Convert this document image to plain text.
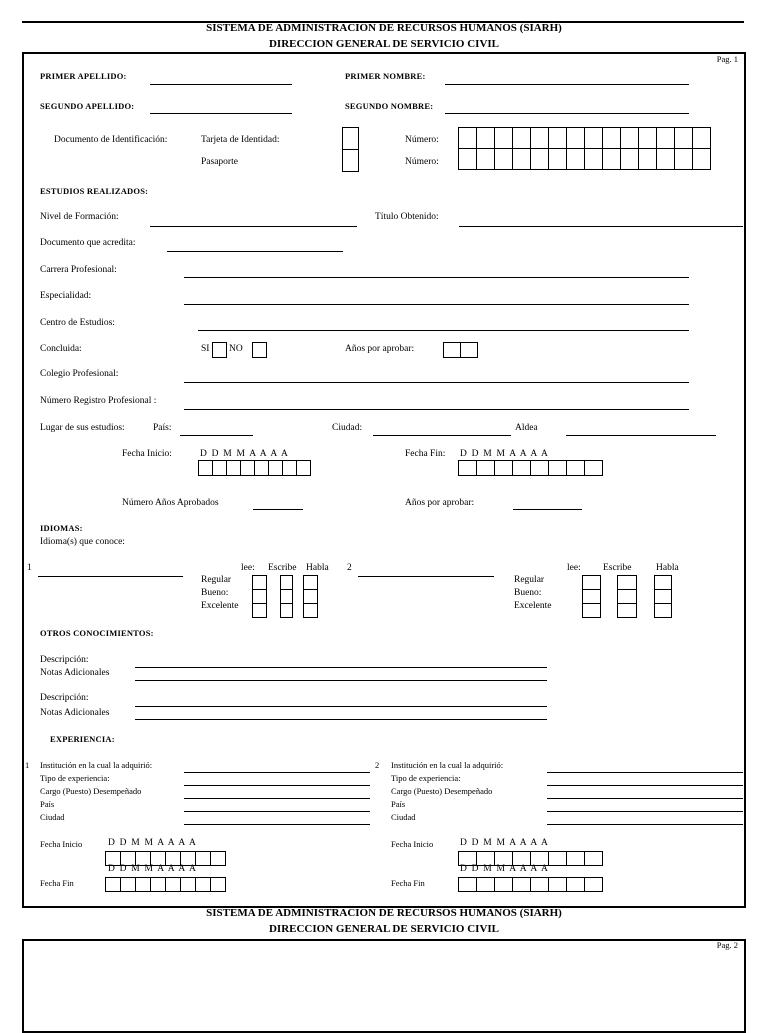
SISTEMA DE ADMINISTRACION DE RECURSOS HUMANOS (SIARH)
DIRECCION GENERAL DE SERVICIO CIVIL
Pag. 1
PRIMER APELLIDO:	PRIMER NOMBRE:
SEGUNDO APELLIDO:	SEGUNDO NOMBRE:
Documento de Identificación:	Tarjeta de Identidad:
Pasaporte
Número:
Número:
ESTUDIOS REALIZADOS:
Nivel de Formación:	Título Obtenido:
Documento que acredita:
Carrera Profesional:
Especialidad:
Centro de Estudios:
Concluida:	SI NO	Años por aprobar:
Colegio Profesional:
Número Registro Profesional :
Lugar de sus estudios:	País:	Ciudad:	Aldea
Fecha Inicio:	D D M M A A A A	Fecha Fin: D D M M A A A A
Número Años Aprobados	Años por aprobar:
IDIOMAS:
Idioma(s) que conoce:
1	lee: Escribe Habla
Regular
Bueno:
Excelente
2	lee: Escribe	Habla
Regular
Bueno:
Excelente
OTROS CONOCIMIENTOS:
Descripción:
Notas Adicionales
Descripción:
Notas Adicionales
EXPERIENCIA:
1 Institución en la cual la adquirió:
Tipo de experiencia:
Cargo (Puesto) Desempeñado
País
Ciudad
2 Institución en la cual la adquirió:
Tipo de experiencia:
Cargo (Puesto) Desempeñado
País
Ciudad
Fecha Inicio	D D M M A A A A
D D M M A A A A
Fecha Fin
Fecha Inicio	D D M M A A A A
D D M M A A A A
Fecha Fin
SISTEMA DE ADMINISTRACION DE RECURSOS HUMANOS (SIARH)
DIRECCION GENERAL DE SERVICIO CIVIL
Pag. 2
